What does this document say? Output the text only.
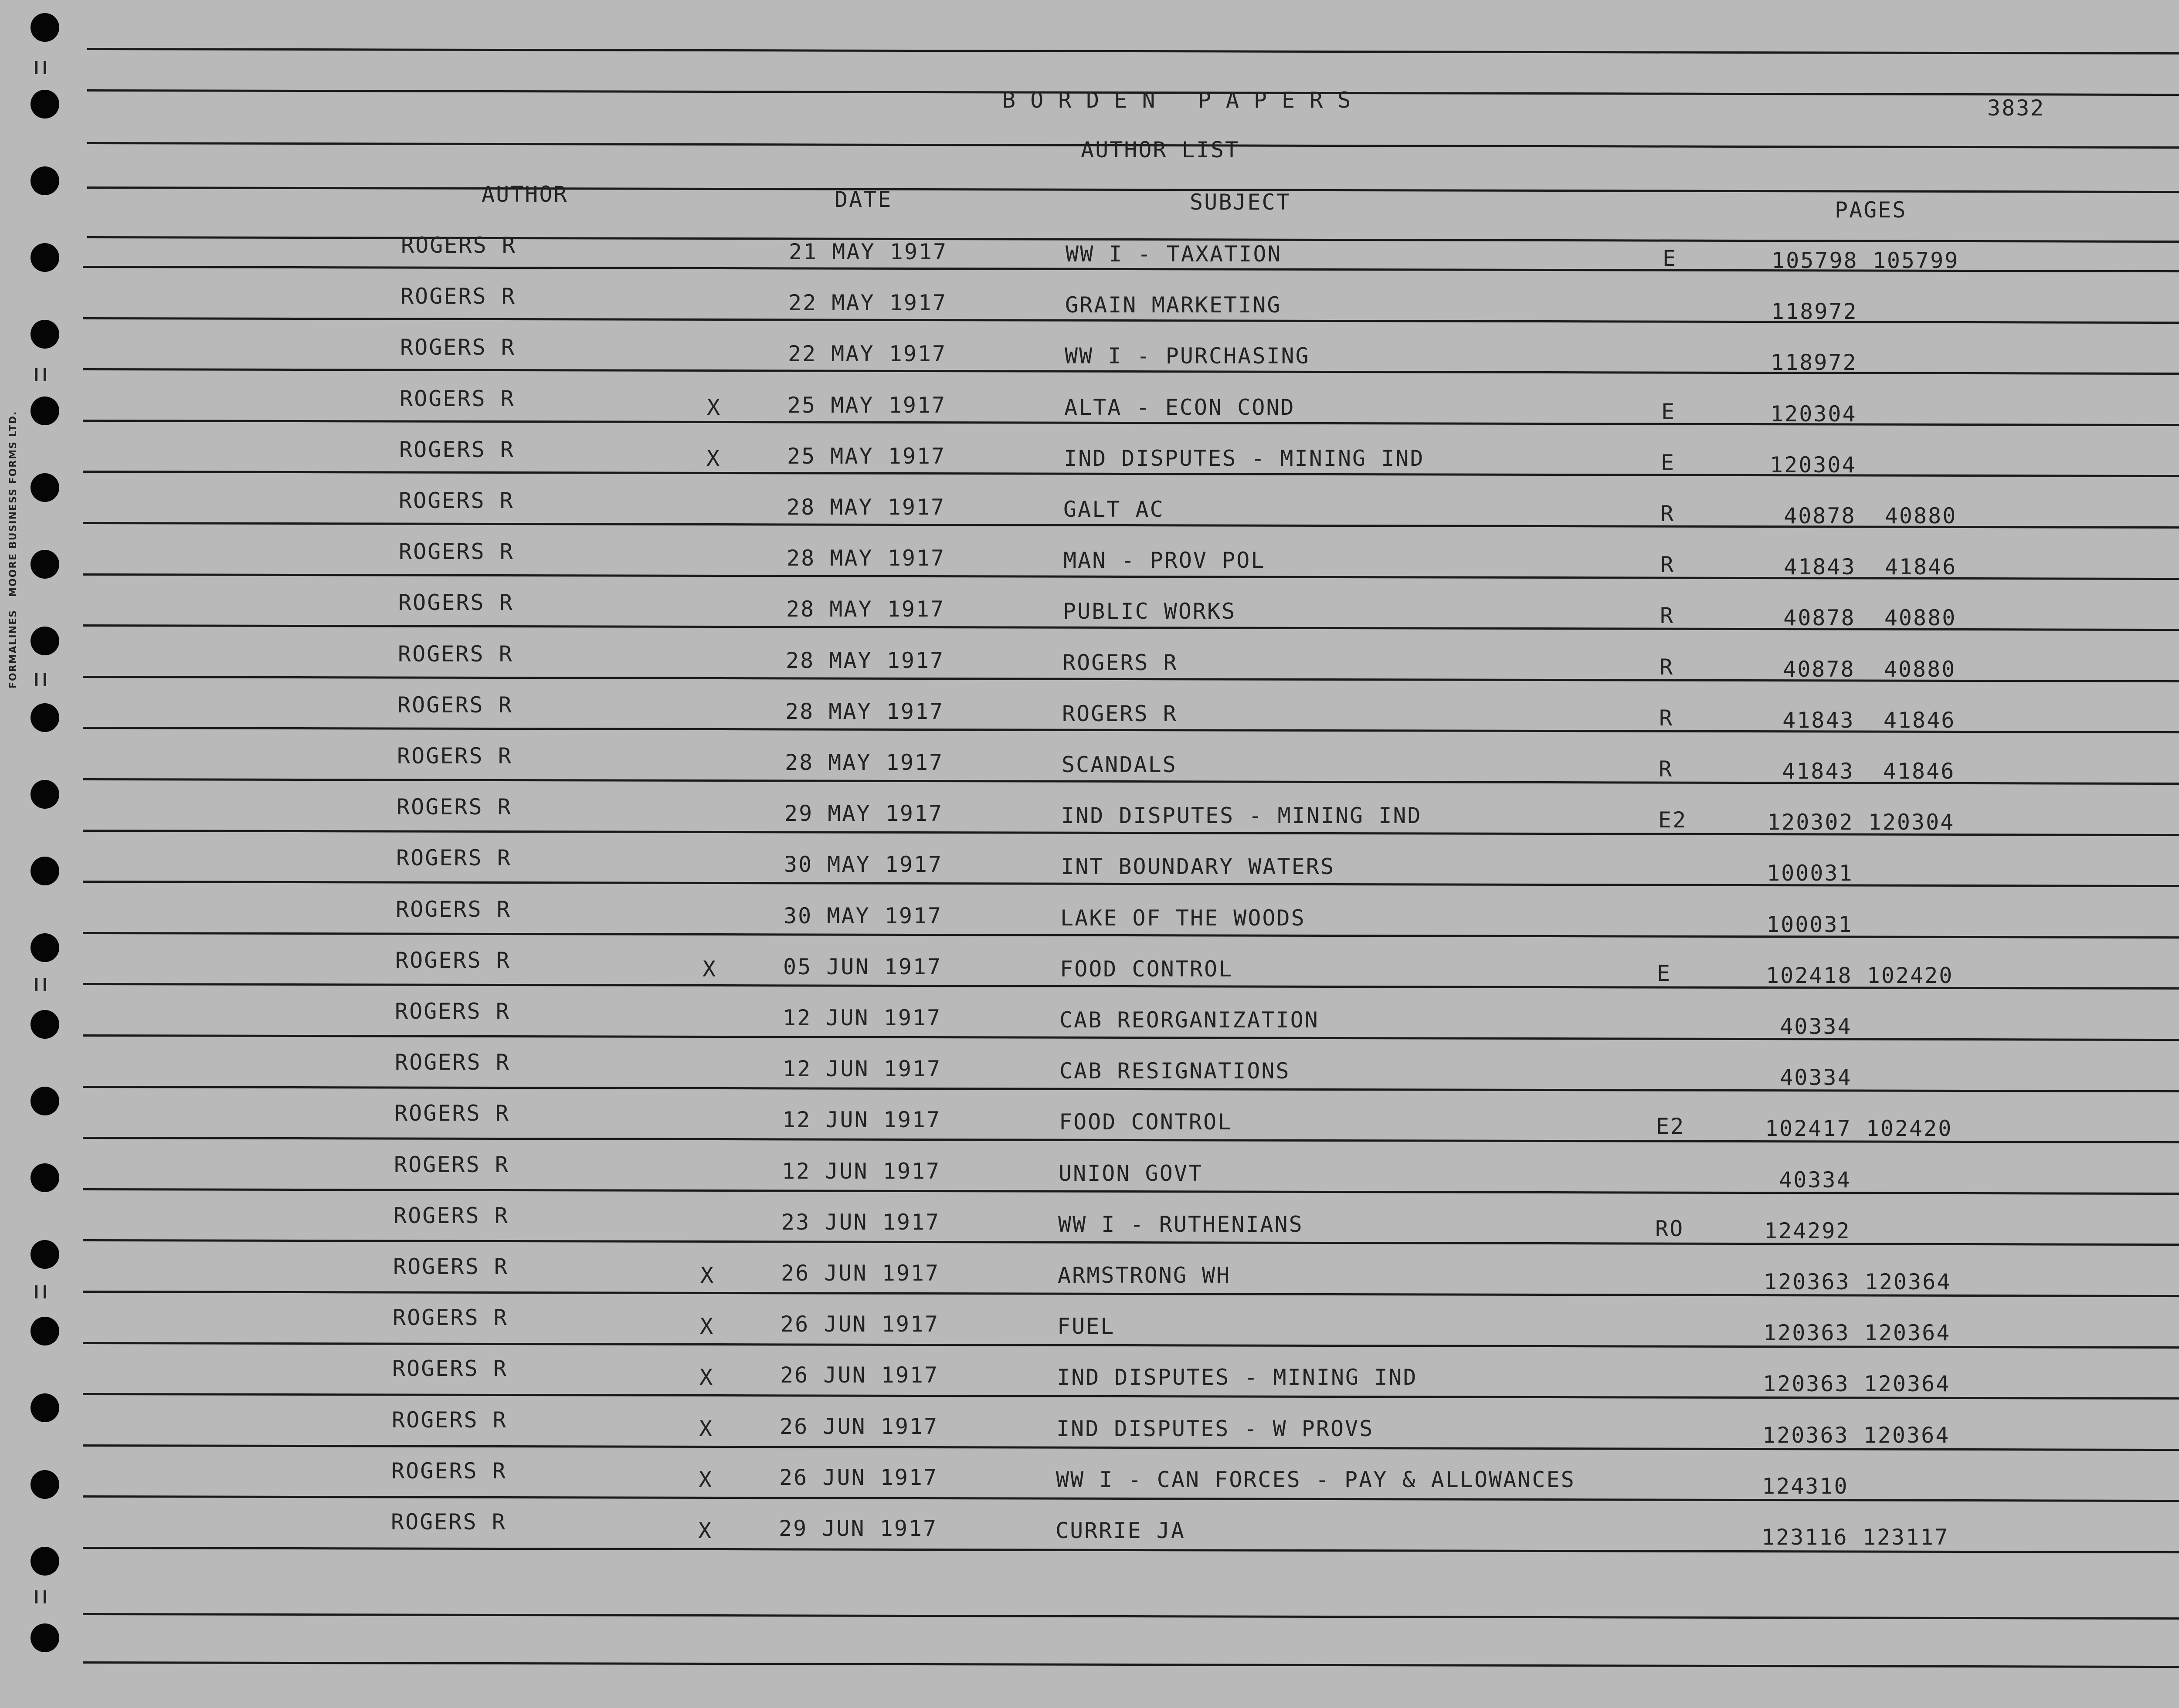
BORDEN PAPERS	3832
AUTHOR LIST
AUTHOR	DATE	SUBJECT	PAGES
FORMALINES   MOORE BUSINESS FORMS LTD.
ROGERS R	21 MAY 1917	WW I - TAXATION	E	105798 105799
ROGERS R	22 MAY 1917	GRAIN MARKETING	118972
ROGERS R	22 MAY 1917	WW I - PURCHASING	118972
ROGERS R	X	25 MAY 1917	ALTA - ECON COND	E	120304
ROGERS R	X	25 MAY 1917	IND DISPUTES - MINING IND	E	120304
ROGERS R	28 MAY 1917	GALT AC	R	40878  40880
ROGERS R	28 MAY 1917	MAN - PROV POL	R	41843  41846
ROGERS R	28 MAY 1917	PUBLIC WORKS	R	40878  40880
ROGERS R	28 MAY 1917	ROGERS R	R	40878  40880
ROGERS R	28 MAY 1917	ROGERS R	R	41843  41846
ROGERS R	28 MAY 1917	SCANDALS	R	41843  41846
ROGERS R	29 MAY 1917	IND DISPUTES - MINING IND	E2	120302 120304
ROGERS R	30 MAY 1917	INT BOUNDARY WATERS	100031
ROGERS R	30 MAY 1917	LAKE OF THE WOODS	100031
ROGERS R	X	05 JUN 1917	FOOD CONTROL	E	102418 102420
ROGERS R	12 JUN 1917	CAB REORGANIZATION	40334
ROGERS R	12 JUN 1917	CAB RESIGNATIONS	40334
ROGERS R	12 JUN 1917	FOOD CONTROL	E2	102417 102420
ROGERS R	12 JUN 1917	UNION GOVT	40334
ROGERS R	23 JUN 1917	WW I - RUTHENIANS	RO	124292
ROGERS R	X	26 JUN 1917	ARMSTRONG WH	120363 120364
ROGERS R	X	26 JUN 1917	FUEL	120363 120364
ROGERS R	X	26 JUN 1917	IND DISPUTES - MINING IND	120363 120364
ROGERS R	X	26 JUN 1917	IND DISPUTES - W PROVS	120363 120364
ROGERS R	X	26 JUN 1917	WW I - CAN FORCES - PAY & ALLOWANCES	124310
ROGERS R	X	29 JUN 1917	CURRIE JA	123116 123117
